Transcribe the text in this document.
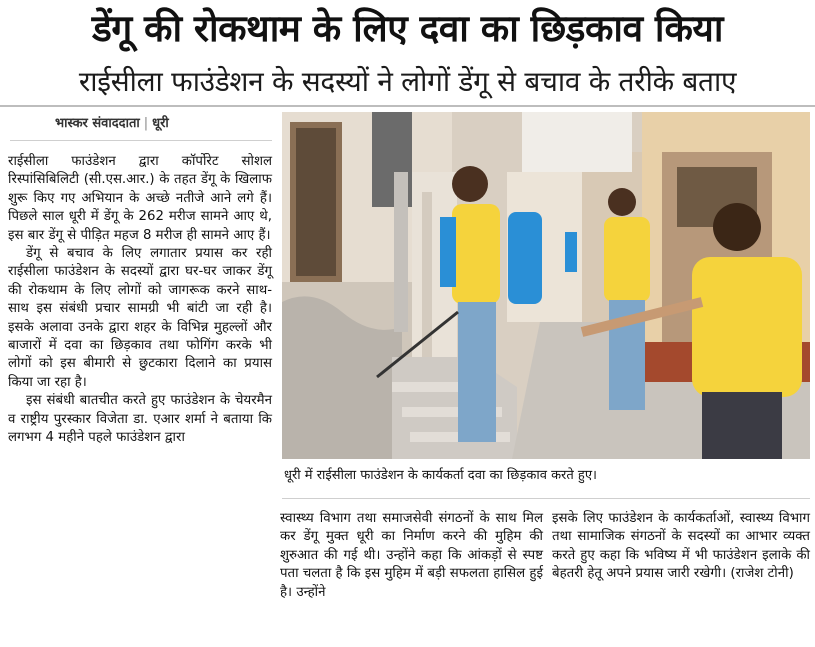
डेंगू की रोकथाम के लिए दवा का छिड़काव किया
राईसीला फाउंडेशन के सदस्यों ने लोगों डेंगू से बचाव के तरीके बताए
भास्कर संवाददाता | धूरी

राईसीला फाउंडेशन द्वारा कॉर्पोरेट सोशल रिस्पांसिबिलिटी (सी.एस.आर.) के तहत डेंगू के खिलाफ शुरू किए गए अभियान के अच्छे नतीजे आने लगे हैं। पिछले साल धूरी में डेंगू के 262 मरीज सामने आए थे, इस बार डेंगू से पीड़ित महज 8 मरीज ही सामने आए हैं।

डेंगू से बचाव के लिए लगातार प्रयास कर रही राईसीला फाउंडेशन के सदस्यों द्वारा घर-घर जाकर डेंगू की रोकथाम के लिए लोगों को जागरूक करने साथ-साथ इस संबंधी प्रचार सामग्री भी बांटी जा रही है। इसके अलावा उनके द्वारा शहर के विभिन्न मुहल्लों और बाजारों में दवा का छिड़काव तथा फोगिंग करके भी लोगों को इस बीमारी से छुटकारा दिलाने का प्रयास किया जा रहा है।

इस संबंधी बातचीत करते हुए फाउंडेशन के चेयरमैन व राष्ट्रीय पुरस्कार विजेता डा. एआर शर्मा ने बताया कि लगभग 4 महीने पहले फाउंडेशन द्वारा

धूरी में राईसीला फाउंडेशन के कार्यकर्ता दवा का छिड़काव करते हुए।

स्वास्थ्य विभाग तथा समाजसेवी संगठनों के साथ मिल कर डेंगू मुक्त धूरी का निर्माण करने की मुहिम की शुरुआत की गई थी। उन्होंने कहा कि आंकड़ों से स्पष्ट पता चलता है कि इस मुहिम में बड़ी सफलता हासिल हुई है। उन्होंने

इसके लिए फाउंडेशन के कार्यकर्ताओं, स्वास्थ्य विभाग तथा सामाजिक संगठनों के सदस्यों का आभार व्यक्त करते हुए कहा कि भविष्य में भी फाउंडेशन इलाके की बेहतरी हेतू अपने प्रयास जारी रखेगी। (राजेश टोनी)
